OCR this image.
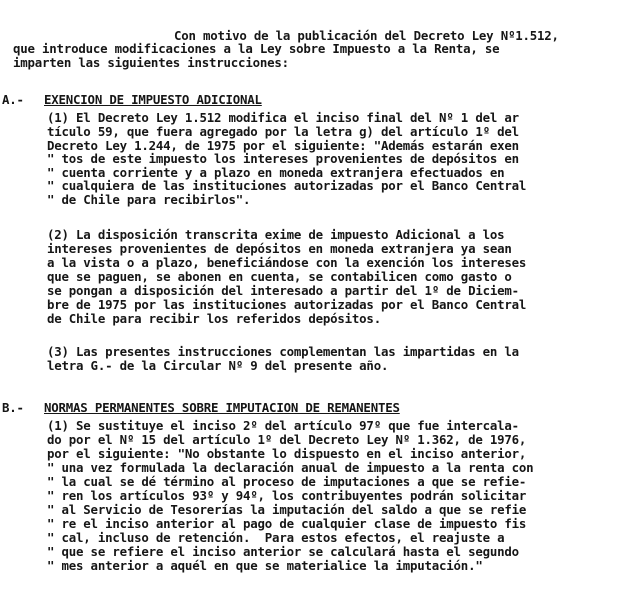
Con motivo de la publicación del Decreto Ley Nº1.512,
que introduce modificaciones a la Ley sobre Impuesto a la Renta, se
imparten las siguientes instrucciones:
A.- EXENCION DE IMPUESTO ADICIONAL
(1) El Decreto Ley 1.512 modifica el inciso final del Nº 1 del ar
tículo 59, que fuera agregado por la letra g) del artículo 1º del
Decreto Ley 1.244, de 1975 por el siguiente: "Además estarán exen
" tos de este impuesto los intereses provenientes de depósitos en
" cuenta corriente y a plazo en moneda extranjera efectuados en
" cualquiera de las instituciones autorizadas por el Banco Central
" de Chile para recibirlos".
(2) La disposición transcrita exime de impuesto Adicional a los
intereses provenientes de depósitos en moneda extranjera ya sean
a la vista o a plazo, beneficiándose con la exención los intereses
que se paguen, se abonen en cuenta, se contabilicen como gasto o
se pongan a disposición del interesado a partir del 1º de Diciem-
bre de 1975 por las instituciones autorizadas por el Banco Central
de Chile para recibir los referidos depósitos.
(3) Las presentes instrucciones complementan las impartidas en la
letra G.- de la Circular Nº 9 del presente año.
B.- NORMAS PERMANENTES SOBRE IMPUTACION DE REMANENTES
(1) Se sustituye el inciso 2º del artículo 97º que fue intercala-
do por el Nº 15 del artículo 1º del Decreto Ley Nº 1.362, de 1976,
por el siguiente: "No obstante lo dispuesto en el inciso anterior,
" una vez formulada la declaración anual de impuesto a la renta con
" la cual se dé término al proceso de imputaciones a que se refie-
" ren los artículos 93º y 94º, los contribuyentes podrán solicitar
" al Servicio de Tesorerías la imputación del saldo a que se refie
" re el inciso anterior al pago de cualquier clase de impuesto fis
" cal, incluso de retención.  Para estos efectos, el reajuste a
" que se refiere el inciso anterior se calculará hasta el segundo
" mes anterior a aquél en que se materialice la imputación."
